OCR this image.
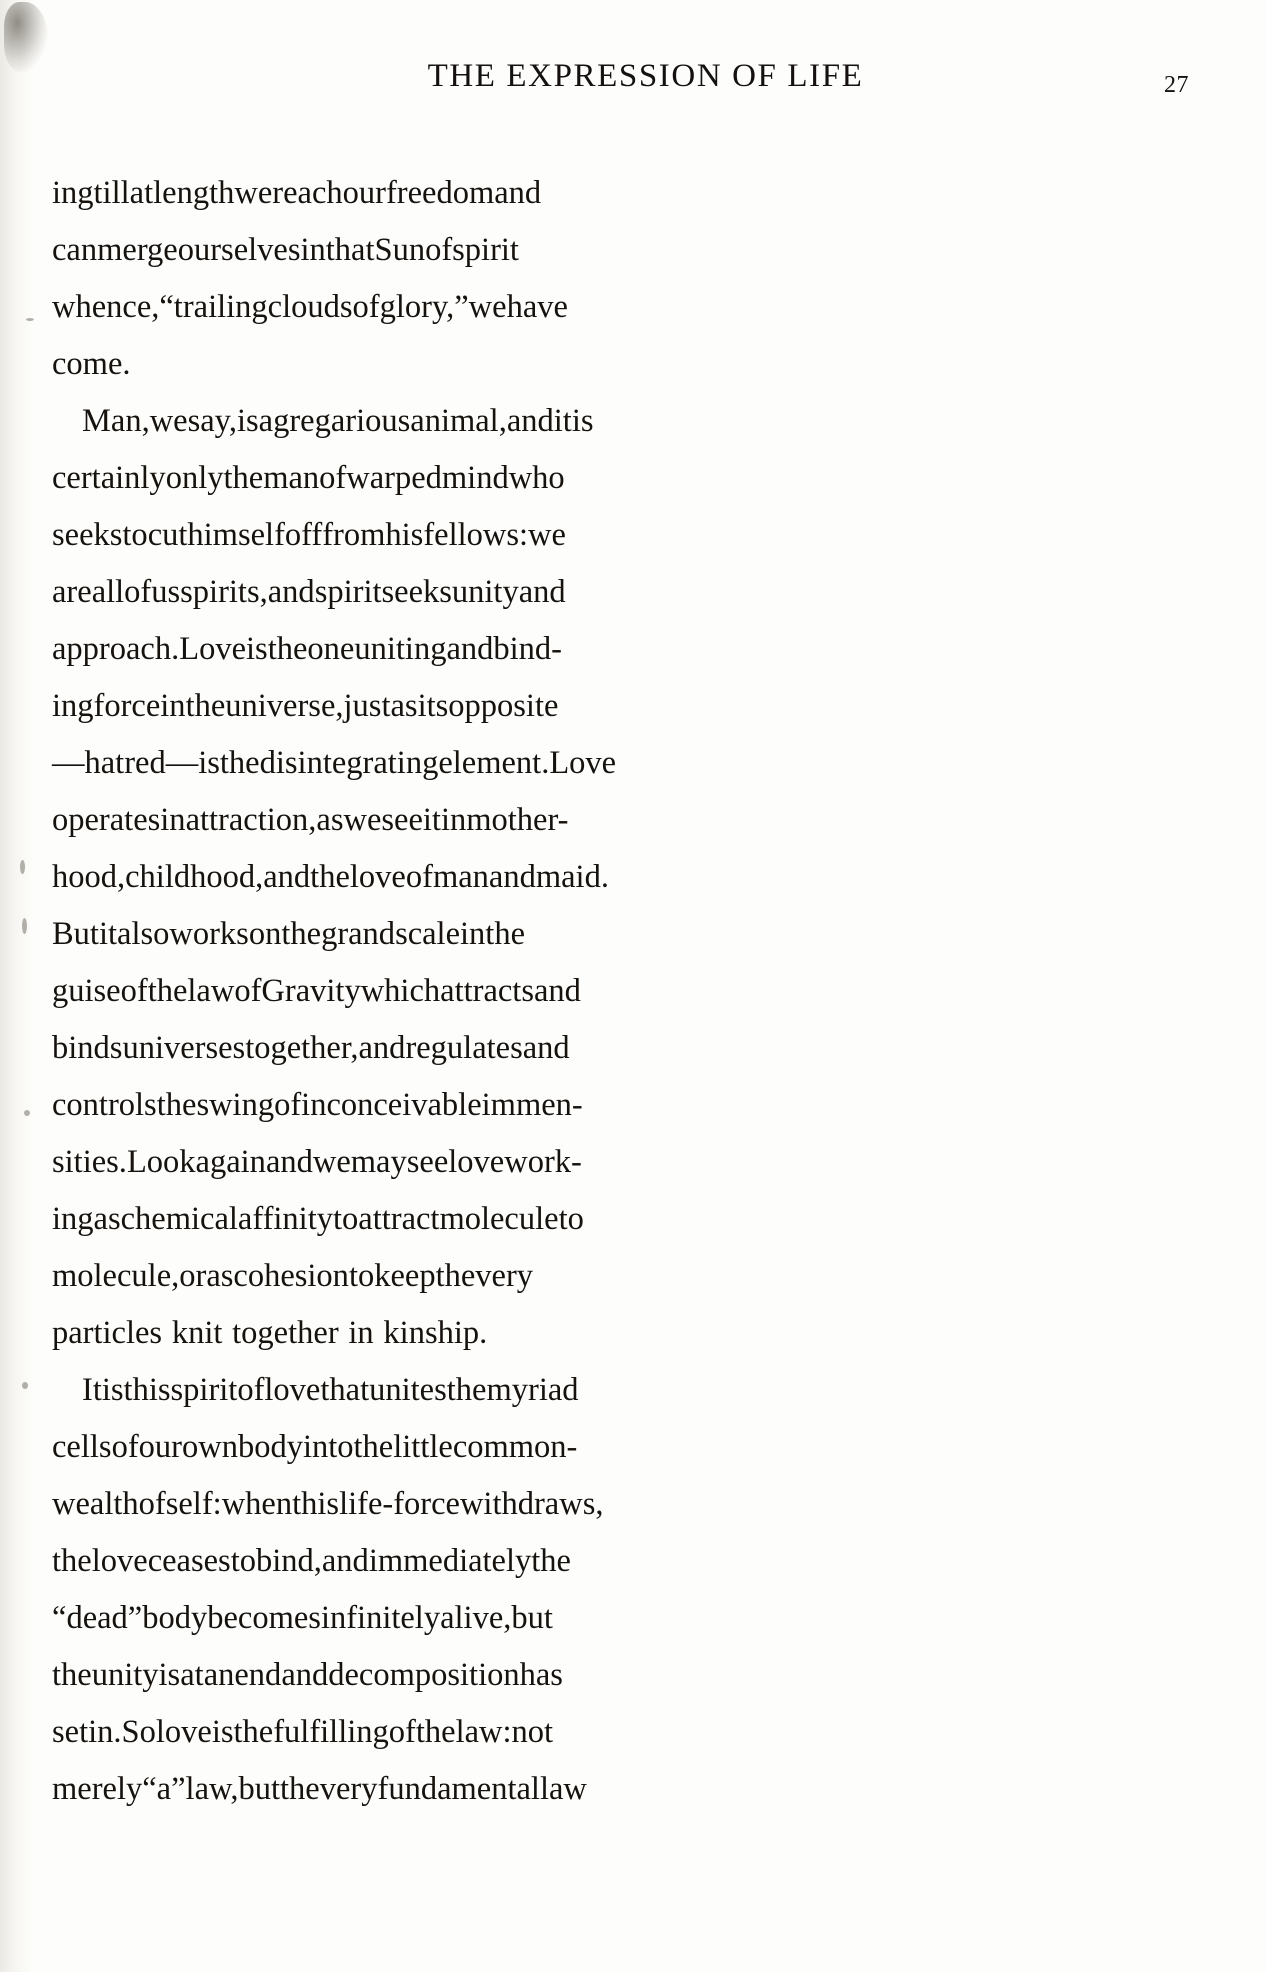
THE EXPRESSION OF LIFE	27
ingtillatlengthwereachourfreedomand
canmergeourselvesinthatSunofspirit
whence,“trailingcloudsofglory,”wehave
come.
Man,wesay,isagregariousanimal,anditis
certainlyonlythemanofwarpedmindwho
seekstocuthimselfofffromhisfellows:we
areallofusspirits,andspiritseeksunityand
approach.Loveistheoneunitingandbind-
ingforceintheuniverse,justasitsopposite
—hatred—isthedisintegratingelement.Love
operatesinattraction,asweseeitinmother-
hood,childhood,andtheloveofmanandmaid.
Butitalsoworksonthegrandscaleinthe
guiseofthelawofGravitywhichattractsand
bindsuniversestogether,andregulatesand
controlstheswingofinconceivableimmen-
sities.Lookagainandwemayseelovework-
ingaschemicalaffinitytoattractmoleculeto
molecule,orascohesiontokeepthevery
particles knit together in kinship.
Itisthisspiritoflovethatunitesthemyriad
cellsofourownbodyintothelittlecommon-
wealthofself:whenthislife-forcewithdraws,
theloveceasestobind,andimmediatelythe
“dead”bodybecomesinfinitelyalive,but
theunityisatanendanddecompositionhas
setin.Soloveisthefulfillingofthelaw:not
merely“a”law,buttheveryfundamentallaw
